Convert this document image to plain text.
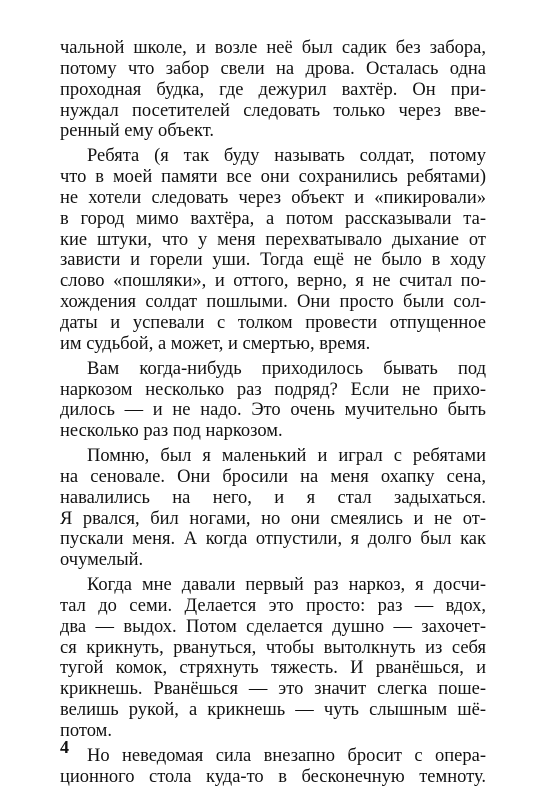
чальной школе, и возле неё был садик без забора,
потому что забор свели на дрова. Осталась одна
проходная будка, где дежурил вахтёр. Он при-
нуждал посетителей следовать только через вве-
ренный ему объект.
Ребята (я так буду называть солдат, потому
что в моей памяти все они сохранились ребятами)
не хотели следовать через объект и «пикировали»
в город мимо вахтёра, а потом рассказывали та-
кие штуки, что у меня перехватывало дыхание от
зависти и горели уши. Тогда ещё не было в ходу
слово «пошляки», и оттого, верно, я не считал по-
хождения солдат пошлыми. Они просто были сол-
даты и успевали с толком провести отпущенное
им судьбой, а может, и смертью, время.
Вам когда-нибудь приходилось бывать под
наркозом несколько раз подряд? Если не прихо-
дилось — и не надо. Это очень мучительно быть
несколько раз под наркозом.
Помню, был я маленький и играл с ребятами
на сеновале. Они бросили на меня охапку сена,
навалились на него, и я стал задыхаться.
Я рвался, бил ногами, но они смеялись и не от-
пускали меня. А когда отпустили, я долго был как
очумелый.
Когда мне давали первый раз наркоз, я досчи-
тал до семи. Делается это просто: раз — вдох,
два — выдох. Потом сделается душно — захочет-
ся крикнуть, рвануться, чтобы вытолкнуть из себя
тугой комок, стряхнуть тяжесть. И рванёшься, и
крикнешь. Рванёшься — это значит слегка поше-
велишь рукой, а крикнешь — чуть слышным шё-
потом.
Но неведомая сила внезапно бросит с опера-
ционного стола куда-то в бесконечную темноту.
4
